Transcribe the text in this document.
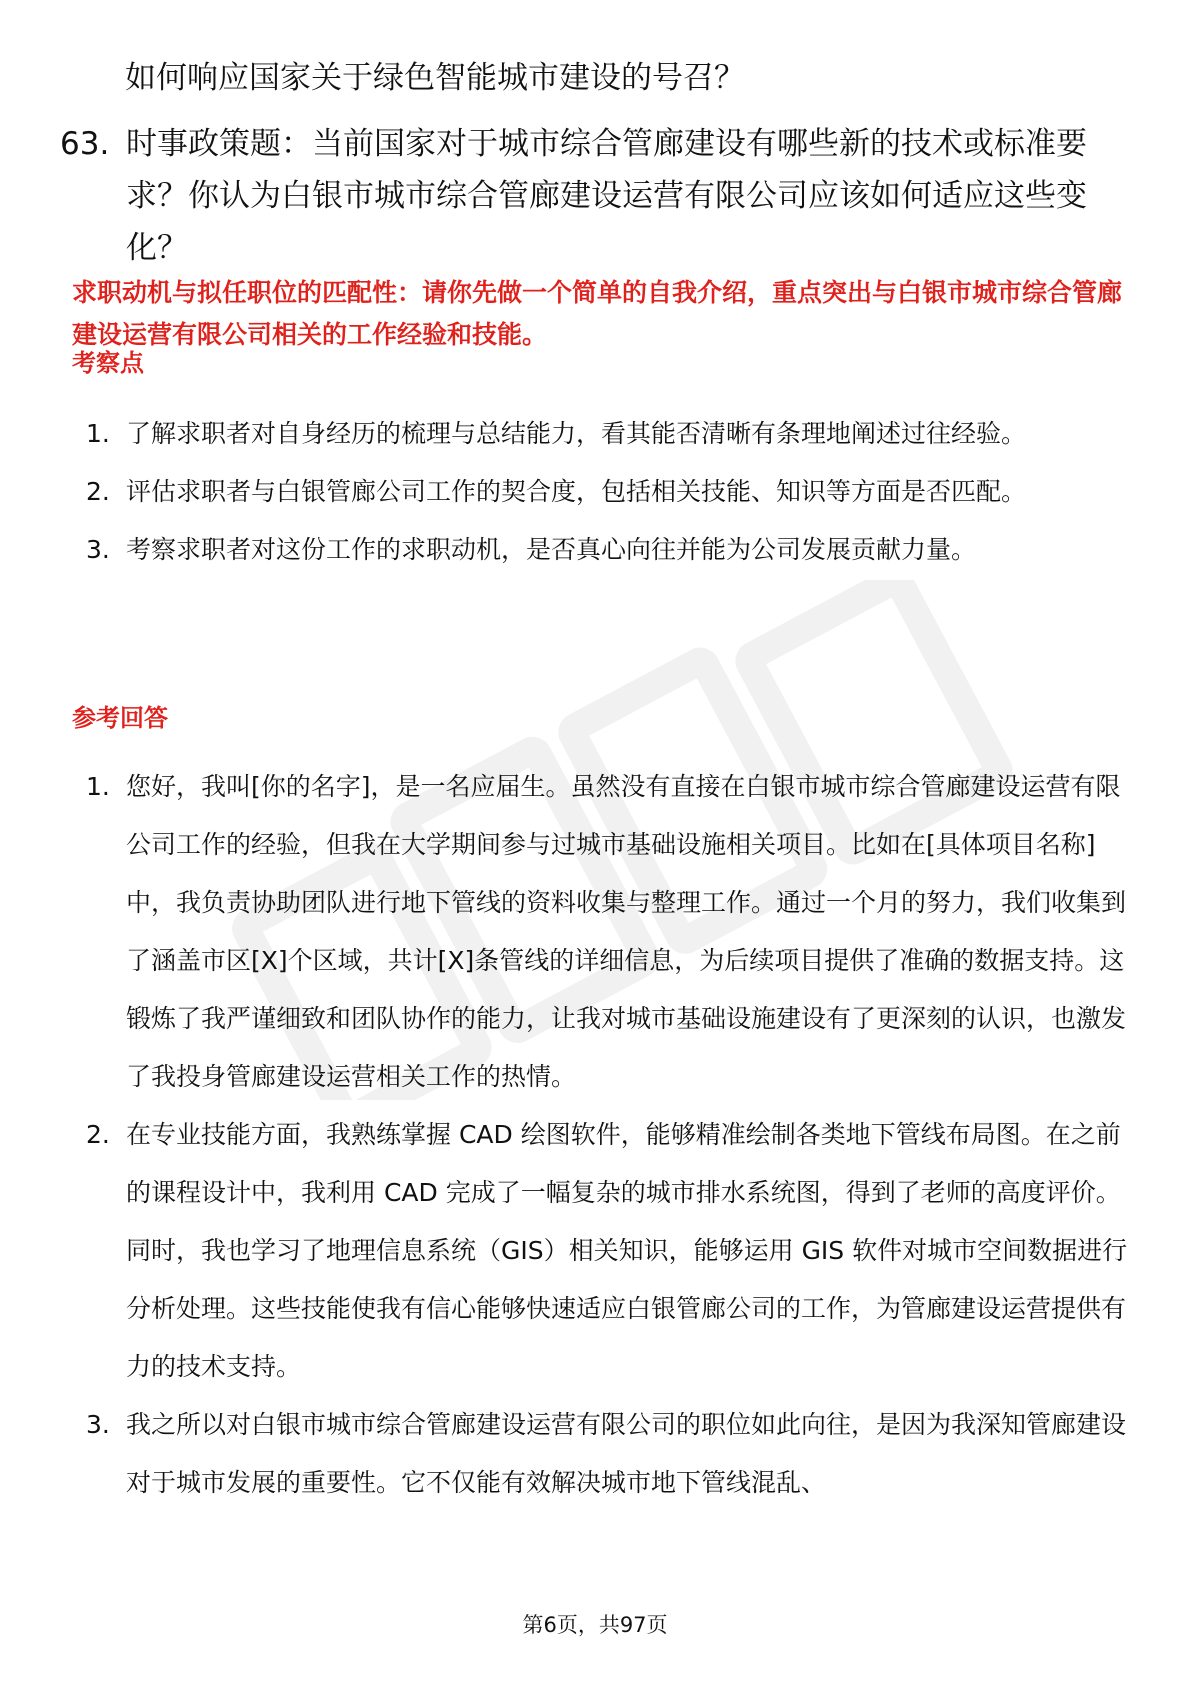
如何响应国家关于绿色智能城市建设的号召？
63. 时事政策题：当前国家对于城市综合管廊建设有哪些新的技术或标准要求？你认为白银市城市综合管廊建设运营有限公司应该如何适应这些变化？
求职动机与拟任职位的匹配性：请你先做一个简单的自我介绍，重点突出与白银市城市综合管廊建设运营有限公司相关的工作经验和技能。
考察点
1. 了解求职者对自身经历的梳理与总结能力，看其能否清晰有条理地阐述过往经验。
2. 评估求职者与白银管廊公司工作的契合度，包括相关技能、知识等方面是否匹配。
3. 考察求职者对这份工作的求职动机，是否真心向往并能为公司发展贡献力量。
参考回答
1. 您好，我叫[你的名字]，是一名应届生。虽然没有直接在白银市城市综合管廊建设运营有限公司工作的经验，但我在大学期间参与过城市基础设施相关项目。比如在[具体项目名称]中，我负责协助团队进行地下管线的资料收集与整理工作。通过一个月的努力，我们收集到了涵盖市区[X]个区域，共计[X]条管线的详细信息，为后续项目提供了准确的数据支持。这锻炼了我严谨细致和团队协作的能力，让我对城市基础设施建设有了更深刻的认识，也激发了我投身管廊建设运营相关工作的热情。
2. 在专业技能方面，我熟练掌握 CAD 绘图软件，能够精准绘制各类地下管线布局图。在之前的课程设计中，我利用 CAD 完成了一幅复杂的城市排水系统图，得到了老师的高度评价。同时，我也学习了地理信息系统（GIS）相关知识，能够运用 GIS 软件对城市空间数据进行分析处理。这些技能使我有信心能够快速适应白银管廊公司的工作，为管廊建设运营提供有力的技术支持。
3. 我之所以对白银市城市综合管廊建设运营有限公司的职位如此向往，是因为我深知管廊建设对于城市发展的重要性。它不仅能有效解决城市地下管线混乱、
第6页，共97页
